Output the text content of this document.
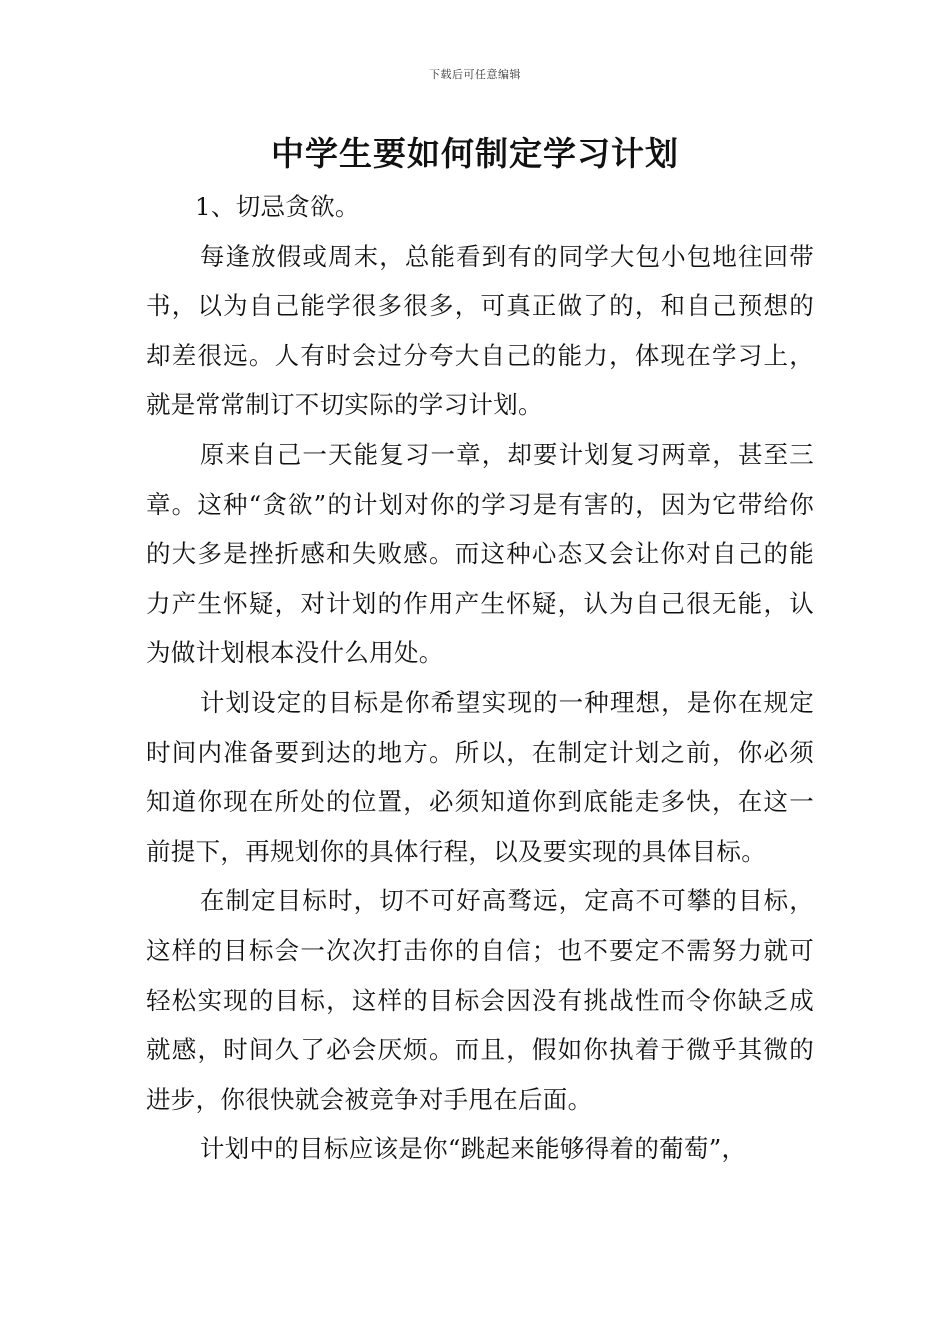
下载后可任意编辑
中学生要如何制定学习计划

1、切忌贪欲。

每逢放假或周末，总能看到有的同学大包小包地往回带书，以为自己能学很多很多，可真正做了的，和自己预想的却差很远。人有时会过分夸大自己的能力，体现在学习上，就是常常制订不切实际的学习计划。

原来自己一天能复习一章，却要计划复习两章，甚至三章。这种“贪欲”的计划对你的学习是有害的，因为它带给你的大多是挫折感和失败感。而这种心态又会让你对自己的能力产生怀疑，对计划的作用产生怀疑，认为自己很无能，认为做计划根本没什么用处。

计划设定的目标是你希望实现的一种理想，是你在规定时间内准备要到达的地方。所以，在制定计划之前，你必须知道你现在所处的位置，必须知道你到底能走多快，在这一前提下，再规划你的具体行程，以及要实现的具体目标。

在制定目标时，切不可好高骛远，定高不可攀的目标，这样的目标会一次次打击你的自信；也不要定不需努力就可轻松实现的目标，这样的目标会因没有挑战性而令你缺乏成就感，时间久了必会厌烦。而且，假如你执着于微乎其微的进步，你很快就会被竞争对手甩在后面。

计划中的目标应该是你“跳起来能够得着的葡萄”，
